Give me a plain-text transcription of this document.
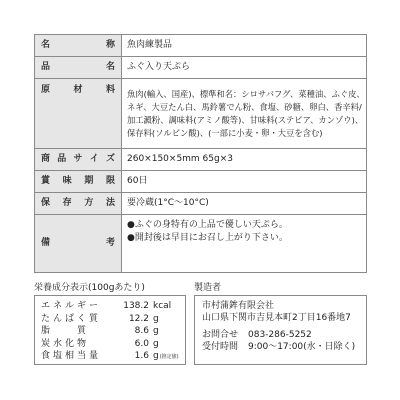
名 称	魚肉練製品

品 名	ふぐ入り天ぷら

原 材 料	魚肉(輸入、国産)、標準和名：シロサバフグ、菜種油、ふぐ皮、
ネギ、大豆たん白、馬鈴薯でん粉、食塩、砂糖、卵白、香辛料/
加工澱粉、調味料(アミノ酸等)、甘味料(ステビア、カンゾウ)、
保存料(ソルビン酸)、(一部に小麦・卵・大豆を含む)

商 品 サ イ ズ	260×150×5mm 65g×3

賞 味 期 限	60日

保 存 方 法	要冷蔵(1°C〜10°C)

備 考	●ふぐの身特有の上品で優しい天ぷら。
●開封後は早目にお召し上がり下さい。
栄養成分表示(100gあたり)
エネルギー	138.2 kcal
たんぱく質	12.2 g
脂　　質	8.6 g
炭水化物	6.0 g
食塩相当量	1.6 g (推定値)
製造者
市村蒲鉾有限会社
山口県下関市吉見本町2丁目16番地7
お問合せ	083-286-5252
受付時間	9:00〜17:00(水・日除く)
